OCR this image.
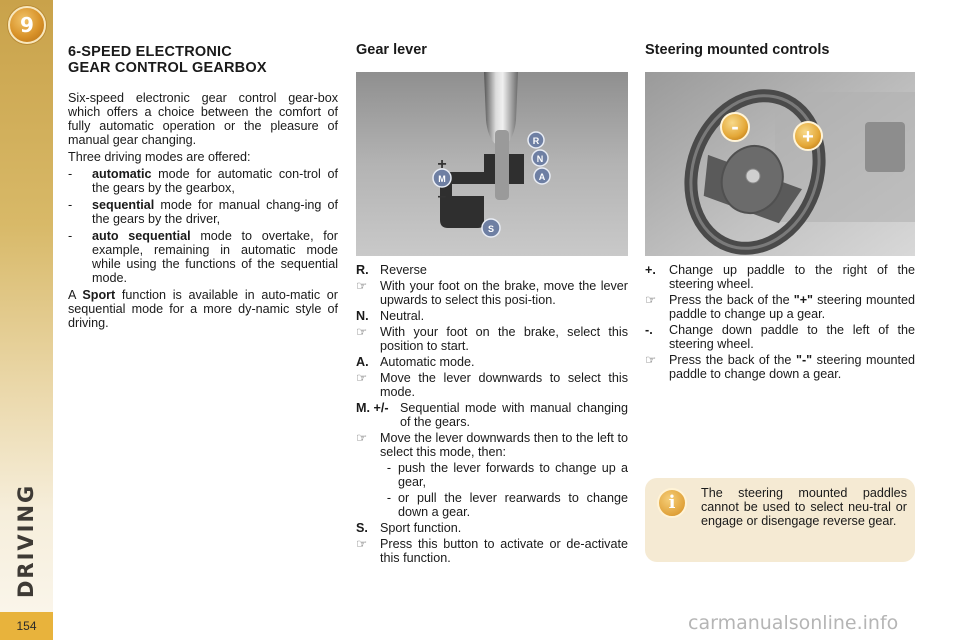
9
DRIVING
154
6-SPEED ELECTRONIC
GEAR CONTROL GEARBOX

Six-speed electronic gear control gear-box which offers a choice between the comfort of fully automatic operation or the pleasure of manual gear changing.

Three driving modes are offered:

-	automatic mode for automatic con-trol of the gears by the gearbox,
-	sequential mode for manual chang-ing of the gears by the driver,
-	auto sequential mode to overtake, for example, remaining in automatic mode while using the functions of the sequential mode.

A Sport function is available in auto-matic or sequential mode for a more dy-namic style of driving.

Gear lever
R
N
A
M
+
–
S
R. Reverse
☞	With your foot on the brake, move the lever upwards to select this posi-tion.
N. Neutral.
☞	With your foot on the brake, select this position to start.
A. Automatic mode.
☞	Move the lever downwards to select this mode.
M. +/- Sequential mode with manual changing of the gears.
☞	Move the lever downwards then to the left to select this mode, then:
- push the lever forwards to change up a gear,
- or pull the lever rearwards to change down a gear.
S. Sport function.
☞	Press this button to activate or de-activate this function.
Steering mounted controls
-	+
+.	Change up paddle to the right of the steering wheel.
☞	Press the back of the "+" steering mounted paddle to change up a gear.
-.	Change down paddle to the left of the steering wheel.
☞	Press the back of the "-" steering mounted paddle to change down a gear.
i	The steering mounted paddles cannot be used to select neu-tral or engage or disengage reverse gear.
carmanualsonline.info
